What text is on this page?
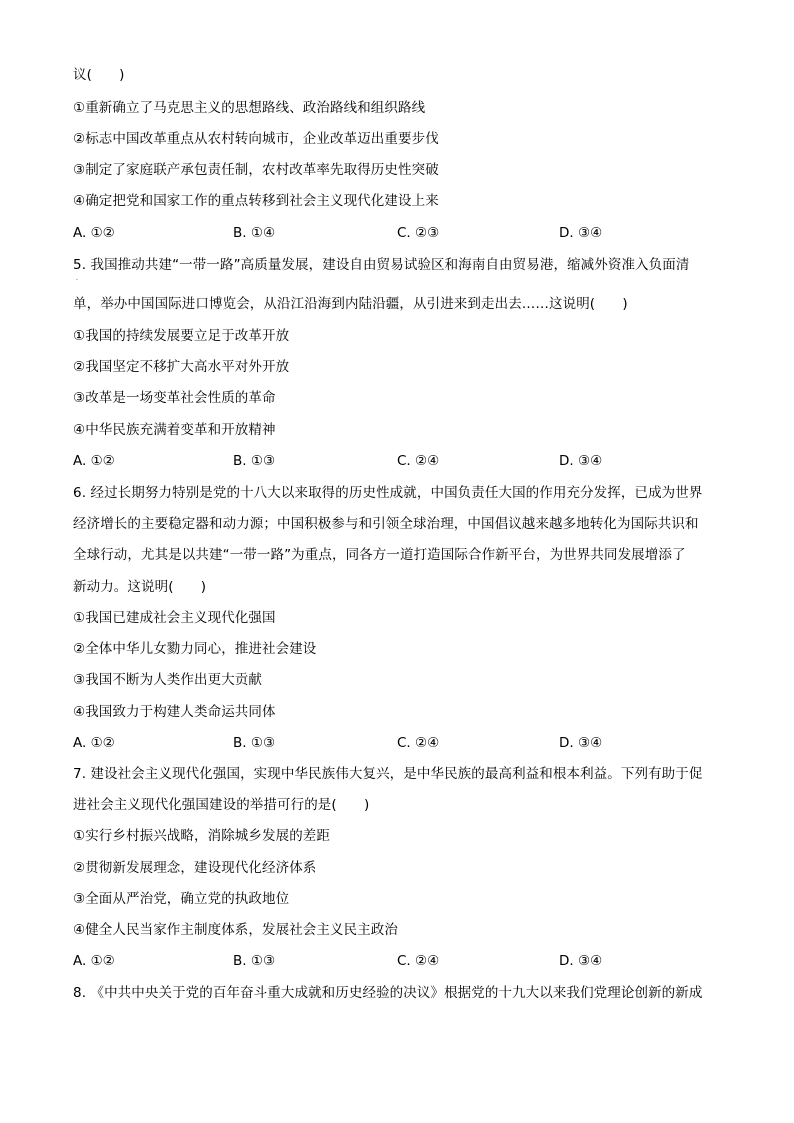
议(　　)
①重新确立了马克思主义的思想路线、政治路线和组织路线
②标志中国改革重点从农村转向城市，企业改革迈出重要步伐
③制定了家庭联产承包责任制，农村改革率先取得历史性突破
④确定把党和国家工作的重点转移到社会主义现代化建设上来
A. ①②	B. ①④	C. ②③	D. ③④
5. 我国推动共建“一带一路”高质量发展，建设自由贸易试验区和海南自由贸易港，缩减外资准入负面清
·
单，举办中国国际进口博览会，从沿江沿海到内陆沿疆，从引进来到走出去……这说明(　　)
①我国的持续发展要立足于改革开放
②我国坚定不移扩大高水平对外开放
③改革是一场变革社会性质的革命
④中华民族充满着变革和开放精神
A. ①②	B. ①③	C. ②④	D. ③④
6. 经过长期努力特别是党的十八大以来取得的历史性成就，中国负责任大国的作用充分发挥，已成为世界
经济增长的主要稳定器和动力源；中国积极参与和引领全球治理，中国倡议越来越多地转化为国际共识和
全球行动，尤其是以共建“一带一路”为重点，同各方一道打造国际合作新平台，为世界共同发展增添了
新动力。这说明(　　)
①我国已建成社会主义现代化强国
②全体中华儿女勠力同心，推进社会建设
③我国不断为人类作出更大贡献
④我国致力于构建人类命运共同体
A. ①②	B. ①③	C. ②④	D. ③④
7. 建设社会主义现代化强国，实现中华民族伟大复兴，是中华民族的最高利益和根本利益。下列有助于促
进社会主义现代化强国建设的举措可行的是(　　)
①实行乡村振兴战略，消除城乡发展的差距
②贯彻新发展理念，建设现代化经济体系
③全面从严治党，确立党的执政地位
④健全人民当家作主制度体系，发展社会主义民主政治
A. ①②	B. ①③	C. ②④	D. ③④
8. 《中共中央关于党的百年奋斗重大成就和历史经验的决议》根据党的十九大以来我们党理论创新的新成
